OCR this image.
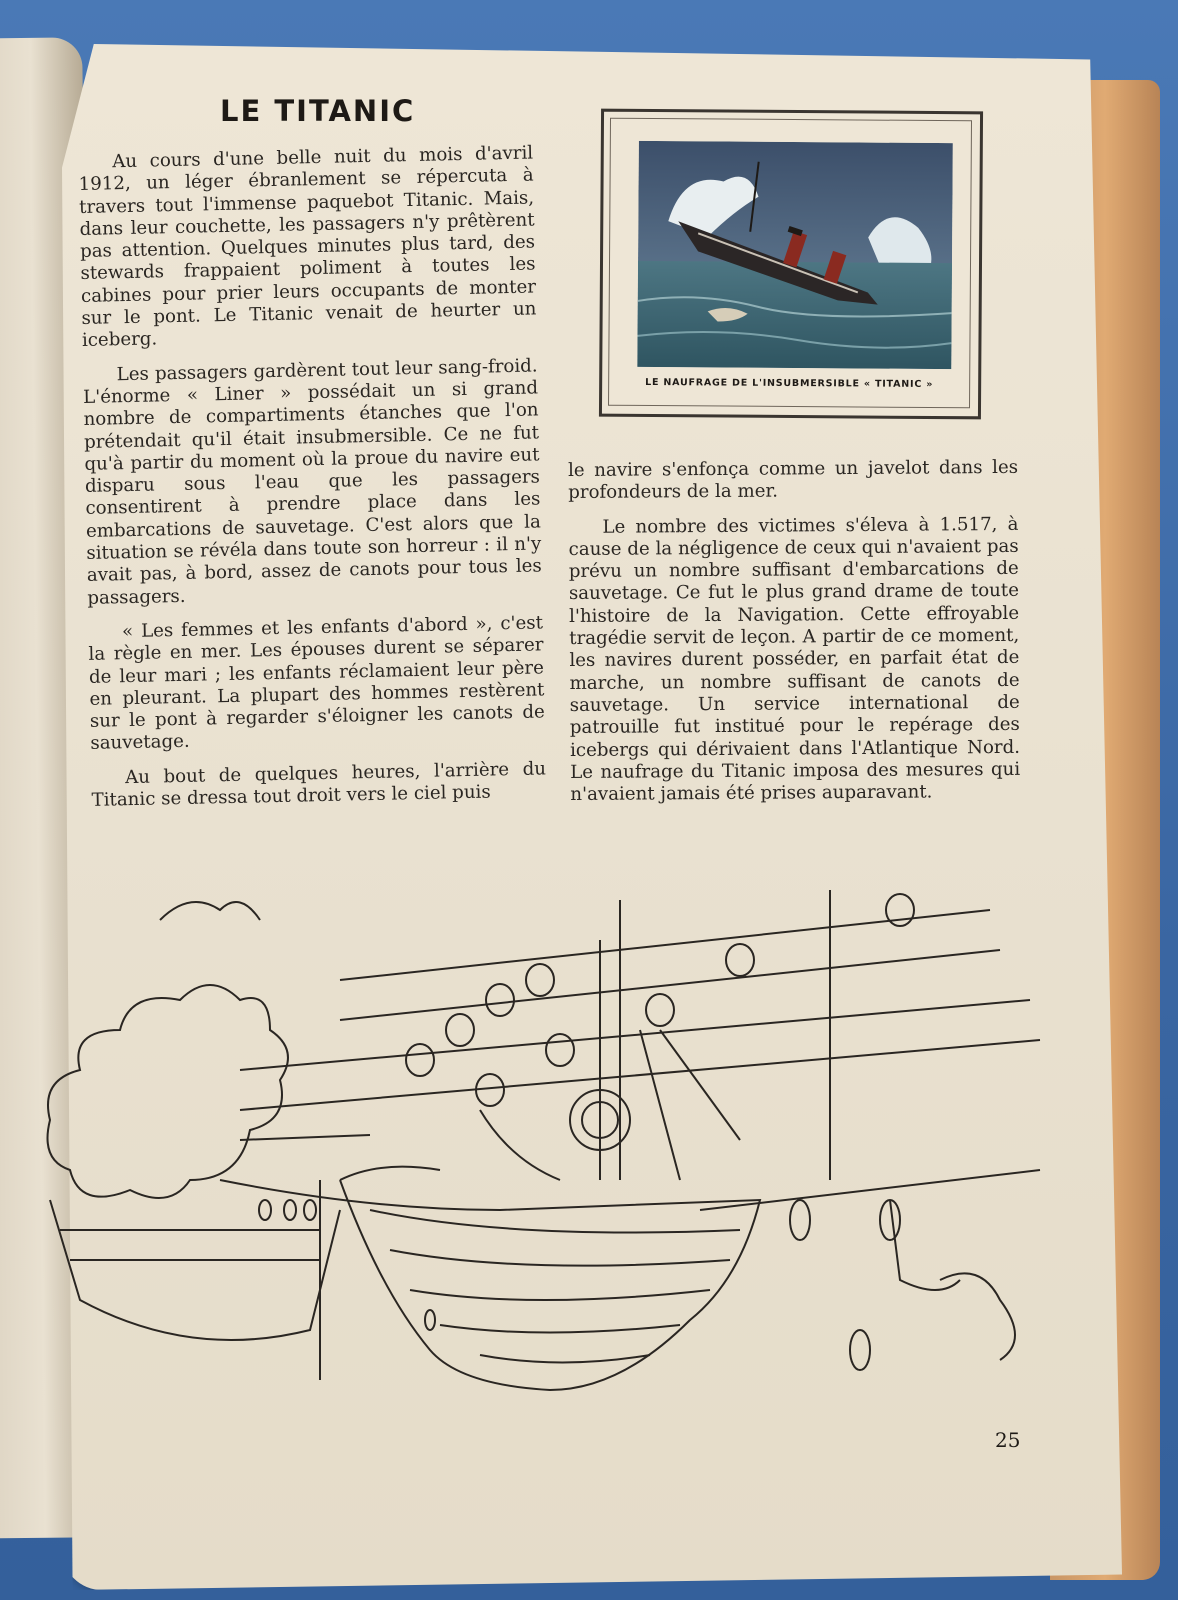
LE TITANIC

Au cours d'une belle nuit du mois d'avril 1912, un léger ébranlement se répercuta à travers tout l'immense paquebot Titanic. Mais, dans leur couchette, les passagers n'y prêtèrent pas attention. Quelques minutes plus tard, des stewards frappaient poliment à toutes les cabines pour prier leurs occupants de monter sur le pont. Le Titanic venait de heurter un iceberg.

Les passagers gardèrent tout leur sang-froid. L'énorme « Liner » possédait un si grand nombre de compartiments étanches que l'on prétendait qu'il était insubmersible. Ce ne fut qu'à partir du moment où la proue du navire eut disparu sous l'eau que les passagers consentirent à prendre place dans les embarcations de sauvetage. C'est alors que la situation se révéla dans toute son horreur : il n'y avait pas, à bord, assez de canots pour tous les passagers.

« Les femmes et les enfants d'abord », c'est la règle en mer. Les épouses durent se séparer de leur mari ; les enfants réclamaient leur père en pleurant. La plupart des hommes restèrent sur le pont à regarder s'éloigner les canots de sauvetage.

Au bout de quelques heures, l'arrière du Titanic se dressa tout droit vers le ciel puis

LE NAUFRAGE DE L'INSUBMERSIBLE « TITANIC »

le navire s'enfonça comme un javelot dans les profondeurs de la mer.

Le nombre des victimes s'éleva à 1.517, à cause de la négligence de ceux qui n'avaient pas prévu un nombre suffisant d'embarcations de sauvetage. Ce fut le plus grand drame de toute l'histoire de la Navigation. Cette effroyable tragédie servit de leçon. A partir de ce moment, les navires durent posséder, en parfait état de marche, un nombre suffisant de canots de sauvetage. Un service international de patrouille fut institué pour le repérage des icebergs qui dérivaient dans l'Atlantique Nord. Le naufrage du Titanic imposa des mesures qui n'avaient jamais été prises auparavant.

25
